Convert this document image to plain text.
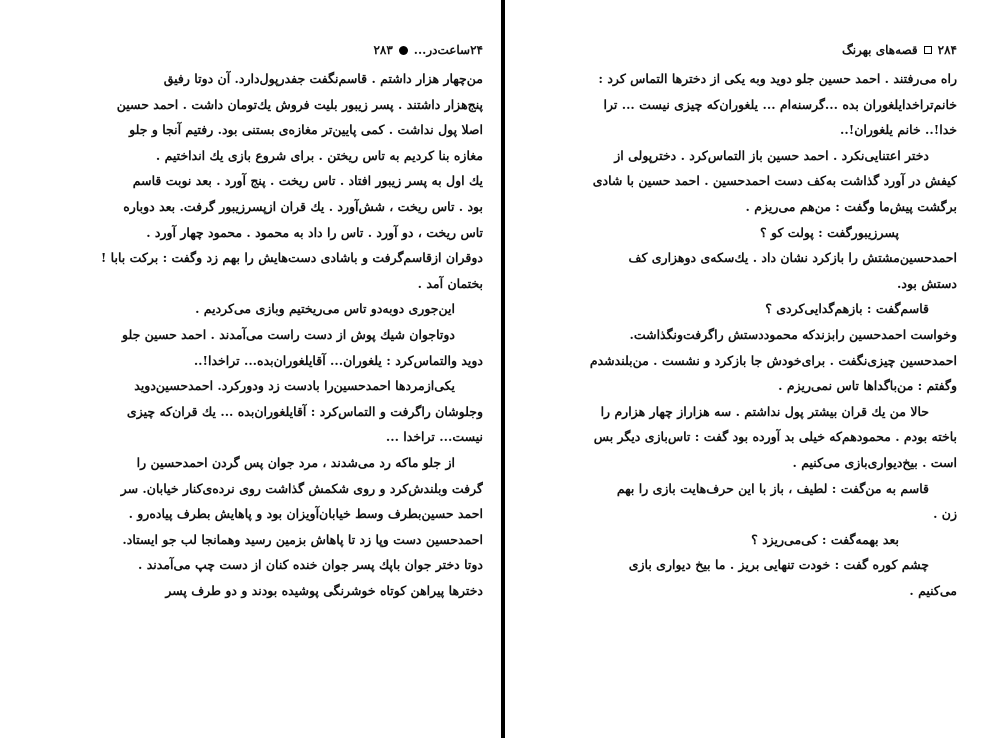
۲۴ساعت‌در...
۲۸۳
من‌چهار هزار داشتم . قاسم‌نگفت جفدر‌پول‌دارد. آن دوتا رفیق
پنج‌هزار داشتند . پسر زیبور بلیت فروش یك‌تومان داشت . احمد حسین
اصلا پول نداشت . كمی پایین‌تر مغازه‌ی بستنی بود. رفتیم آنجا و جلو
مغازه بنا كردیم به تاس ریختن . برای شروع بازی یك انداختیم .
یك اول به پسر زیبور افتاد . تاس ریخت . پنج آورد . بعد نوبت قاسم
بود . تاس ریخت ، شش‌آورد . یك قران ازپسرزیبور گرفت. بعد دوباره
تاس ریخت ، دو آورد . تاس را داد به محمود . محمود چهار آورد .
دوقران ازقاسم‌گرفت و باشادی دست‌هایش را بهم زد وگفت : بركت بابا !
بختمان آمد .
این‌جوری دوبه‌دو تاس می‌ریختیم وبازی می‌كردیم .
دوتاجوان شیك پوش از دست راست می‌آمدند . احمد حسین جلو
دوید والتماس‌كرد : یلغوران... آقایلغوران‌بده... تراخدا!..
یكی‌ازمردها احمدحسین‌را بادست زد ودوركرد. احمدحسین‌دوید
وجلوشان راگرفت و التماس‌كرد : آقایلغوران‌بده ... یك قران‌كه چیزی
نیست... تراخدا ...
از جلو ماكه رد می‌شدند ، مرد جوان پس گردن احمدحسین را
گرفت وبلندش‌كرد و روی شكمش گذاشت روی نرده‌ی‌كنار خیابان. سر
احمد حسین‌بطرف وسط خیابان‌آویزان بود و پاهایش بطرف پیاده‌رو .
احمدحسین دست وپا زد تا پاهاش بزمین رسید وهمانجا لب جو ایستاد.
دوتا دختر جوان باپك پسر جوان خنده كنان از دست چپ می‌آمدند .
دخترها پیراهن كوتاه خوشرنگی پوشیده بودند و دو طرف پسر
۲۸۴
قصه‌های بهرنگ
راه می‌رفتند . احمد حسین جلو دوید وبه یكی از دخترها التماس كرد :
خانم‌تراخدایلغوران بده ...گرسنه‌ام ... یلغوران‌كه چیزی نیست ... ترا
خدا!.. خانم یلغوران!..
دختر اعتنایی‌نكرد . احمد حسین باز التماس‌كرد . دختر‌پولی از
كیفش در آورد گذاشت به‌كف دست احمدحسین . احمد حسین با شادی
برگشت پیش‌ما وگفت : من‌هم می‌ریزم .
پسرزیبورگفت : پولت كو ؟
احمدحسین‌مشتش را بازكرد نشان داد . یك‌سكه‌ی دوهزاری كف
دستش بود.
قاسم‌گفت : بازهم‌گدایی‌كردی ؟
وخواست احمدحسین رابزندكه محموددستش راگرفت‌ونگذاشت.
احمدحسین چیزی‌نگفت . برای‌خودش جا بازكرد و نشست . من‌بلندشدم
وگفتم : من‌باگداها تاس نمی‌ریزم .
حالا من یك قران بیشتر پول نداشتم . سه هزاراز چهار هزارم را
باخته بودم . محمودهم‌كه خیلی بد آورده بود گفت : تاس‌بازی دیگر بس
است . بیخ‌دیواری‌بازی می‌كنیم .
قاسم به من‌گفت : لطیف ، باز با این حرف‌هایت بازی را بهم
زن .
بعد بهمه‌گفت : كی‌می‌ریزد ؟
چشم كوره گفت : خودت تنهایی بریز . ما بیخ دیواری بازی
می‌كنیم .
